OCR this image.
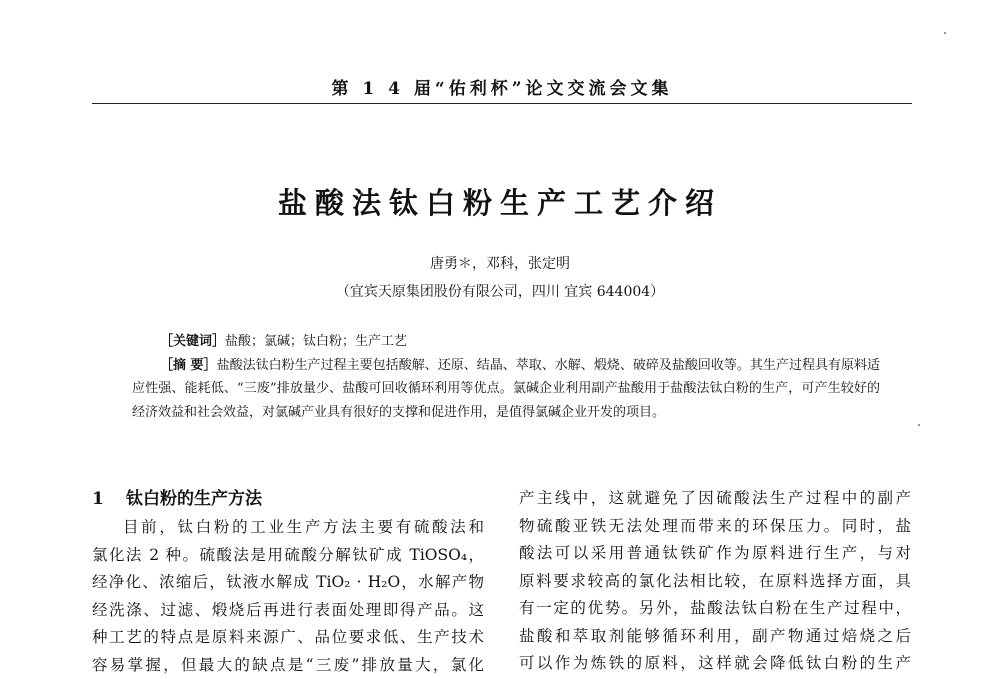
第 1 4 届“佑利杯”论文交流会文集
盐酸法钛白粉生产工艺介绍
唐勇＊，邓科，张定明
（宜宾天原集团股份有限公司，四川 宜宾 644004）
［关键词］盐酸；氯碱；钛白粉；生产工艺
［摘 要］盐酸法钛白粉生产过程主要包括酸解、还原、结晶、萃取、水解、煅烧、破碎及盐酸回收等。其生产过程具有原料适应性强、能耗低、“三废”排放量少、盐酸可回收循环利用等优点。氯碱企业利用副产盐酸用于盐酸法钛白粉的生产，可产生较好的经济效益和社会效益，对氯碱产业具有很好的支撑和促进作用，是值得氯碱企业开发的项目。
1 钛白粉的生产方法
目前，钛白粉的工业生产方法主要有硫酸法和
氯化法 2 种。硫酸法是用硫酸分解钛矿成 TiOSO₄，
经净化、浓缩后，钛液水解成 TiO₂ · H₂O，水解产物
经洗涤、过滤、煅烧后再进行表面处理即得产品。这
种工艺的特点是原料来源广、品位要求低、生产技术
容易掌握，但最大的缺点是“三废”排放量大，氯化
产主线中，这就避免了因硫酸法生产过程中的副产
物硫酸亚铁无法处理而带来的环保压力。同时，盐
酸法可以采用普通钛铁矿作为原料进行生产，与对
原料要求较高的氯化法相比较，在原料选择方面，具
有一定的优势。另外，盐酸法钛白粉在生产过程中，
盐酸和萃取剂能够循环利用，副产物通过焙烧之后
可以作为炼铁的原料，这样就会降低钛白粉的生产
